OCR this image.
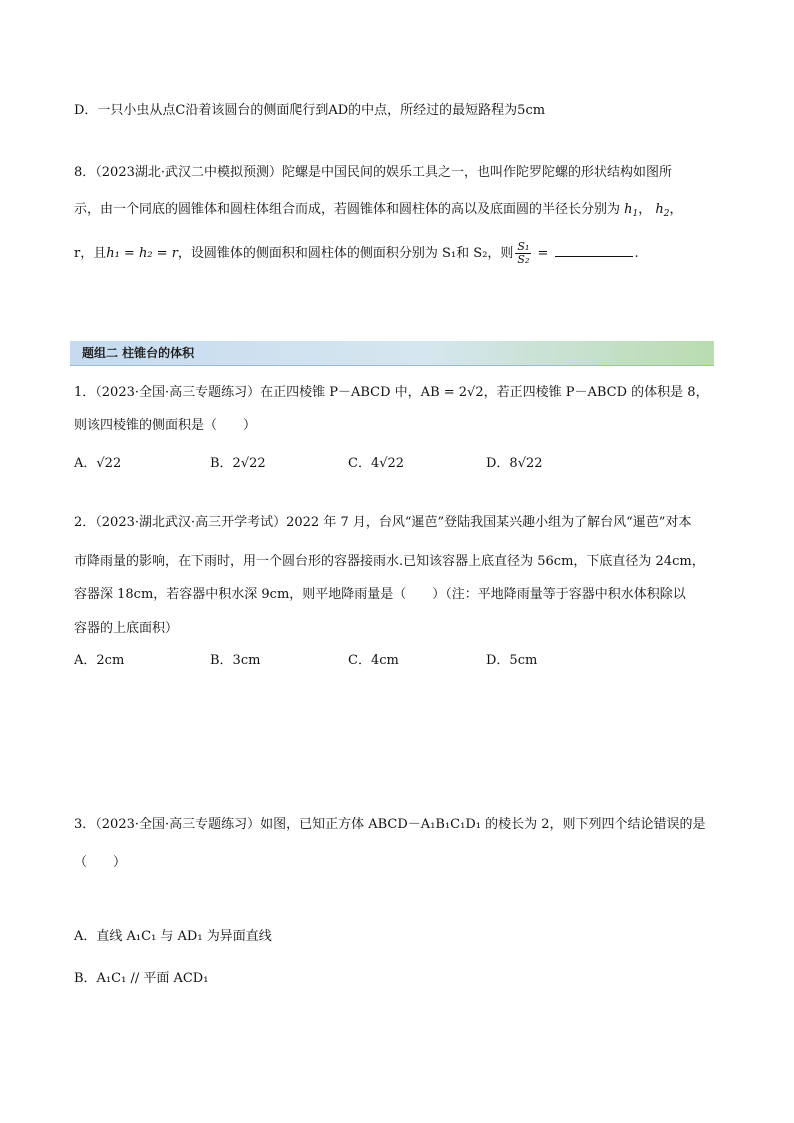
D．一只小虫从点C沿着该圆台的侧面爬行到AD的中点，所经过的最短路程为5cm
8．（2023湖北·武汉二中模拟预测）陀螺是中国民间的娱乐工具之一，也叫作陀罗陀螺的形状结构如图所
示，由一个同底的圆锥体和圆柱体组合而成，若圆锥体和圆柱体的高以及底面圆的半径长分别为 $h_1$， $h_2$，
r，且h₁ = h₂ = r，设圆锥体的侧面积和圆柱体的侧面积分别为 S₁和 S₂，则 $\frac{\text{S₁}}{\text{S₂}}$ =	.
题组二 柱锥台的体积
1．（2023·全国·高三专题练习）在正四棱锥 P－ABCD 中，AB = 2√2，若正四棱锥 P－ABCD 的体积是 8，
则该四棱锥的侧面积是（　　）
A．√22	B．2√22	C．4√22	D．8√22
2．（2023·湖北武汉·高三开学考试）2022 年 7 月，台风“暹芭”登陆我国某兴趣小组为了解台风“暹芭”对本
市降雨量的影响，在下雨时，用一个圆台形的容器接雨水.已知该容器上底直径为 56cm，下底直径为 24cm，
容器深 18cm，若容器中积水深 9cm，则平地降雨量是（　　）（注：平地降雨量等于容器中积水体积除以
容器的上底面积）
A．2cm	B．3cm	C．4cm	D．5cm
3．（2023·全国·高三专题练习）如图，已知正方体 ABCD－A₁B₁C₁D₁ 的棱长为 2，则下列四个结论错误的是
（　　）
A．直线 A₁C₁ 与 AD₁ 为异面直线
B．A₁C₁ // 平面 ACD₁
